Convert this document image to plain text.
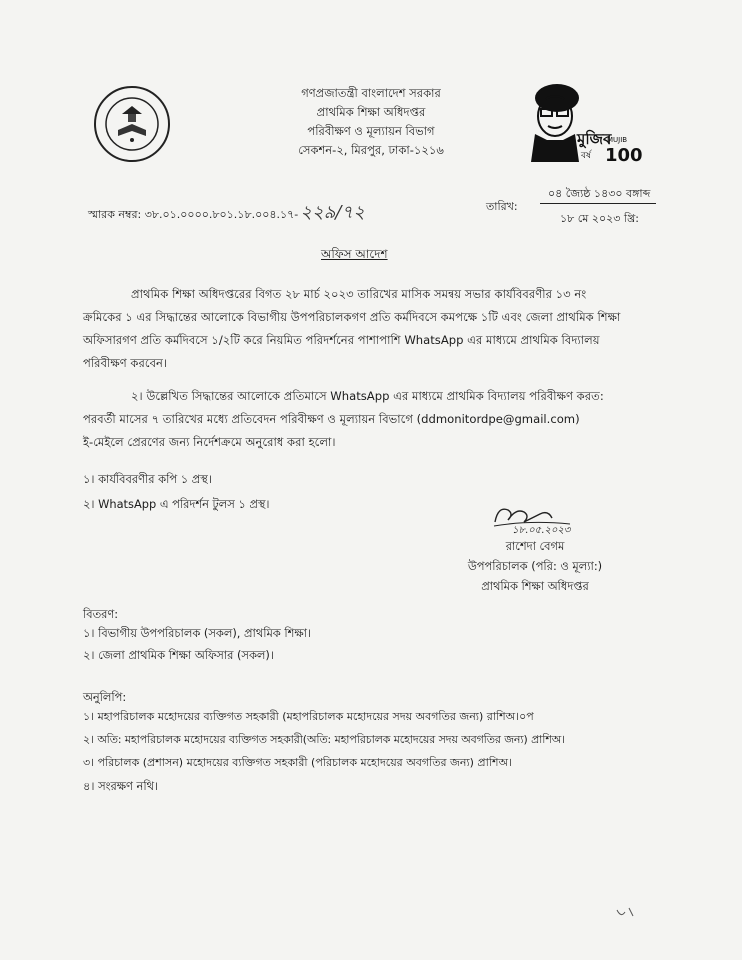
গণপ্রজাতন্ত্রী বাংলাদেশ সরকার
প্রাথমিক শিক্ষা অধিদপ্তর
পরিবীক্ষণ ও মূল্যায়ন বিভাগ
সেকশন-২, মিরপুর, ঢাকা-১২১৬
মুজিব
বর্ষ
MUJIB
100
স্মারক নম্বর: ৩৮.০১.০০০০.৮০১.১৮.০০৪.১৭- ২২৯/৭২	তারিখ:
০৪ জ্যৈষ্ঠ ১৪৩০ বঙ্গাব্দ
১৮ মে ২০২৩ খ্রি:
অফিস আদেশ
প্রাথমিক শিক্ষা অধিদপ্তরের বিগত ২৮ মার্চ ২০২৩ তারিখের মাসিক সমন্বয় সভার কার্যবিবরণীর ১৩ নং
ক্রমিকের ১ এর সিদ্ধান্তের আলোকে বিভাগীয় উপপরিচালকগণ প্রতি কর্মদিবসে কমপক্ষে ১টি এবং জেলা প্রাথমিক শিক্ষা
অফিসারগণ প্রতি কর্মদিবসে ১/২টি করে নিয়মিত পরিদর্শনের পাশাপাশি WhatsApp এর মাধ্যমে প্রাথমিক বিদ্যালয়
পরিবীক্ষণ করবেন।
২। উল্লেখিত সিদ্ধান্তের আলোকে প্রতিমাসে WhatsApp এর মাধ্যমে প্রাথমিক বিদ্যালয় পরিবীক্ষণ করত:
পরবর্তী মাসের ৭ তারিখের মধ্যে প্রতিবেদন পরিবীক্ষণ ও মূল্যায়ন বিভাগে (ddmonitordpe@gmail.com)
ই-মেইলে প্রেরণের জন্য নির্দেশক্রমে অনুরোধ করা হলো।
১। কার্যবিবরণীর কপি ১ প্রস্থ।
২। WhatsApp এ পরিদর্শন টুলস ১ প্রস্থ।
১৮.০৫.২০২৩
রাশেদা বেগম
উপপরিচালক (পরি: ও মূল্যা:)
প্রাথমিক শিক্ষা অধিদপ্তর
বিতরণ:
১। বিভাগীয় উপপরিচালক (সকল), প্রাথমিক শিক্ষা।
২। জেলা প্রাথমিক শিক্ষা অফিসার (সকল)।
অনুলিপি:
১। মহাপরিচালক মহোদয়ের ব্যক্তিগত সহকারী (মহাপরিচালক মহোদয়ের সদয় অবগতির জন্য) রাশিঅ।০প
২। অতি: মহাপরিচালক মহোদয়ের ব্যক্তিগত সহকারী(অতি: মহাপরিচালক মহোদয়ের সদয় অবগতির জন্য) প্রাশিঅ।
৩। পরিচালক (প্রশাসন) মহোদয়ের ব্যক্তিগত সহকারী (পরিচালক মহোদয়ের অবগতির জন্য) প্রাশিঅ।
৪। সংরক্ষণ নথি।
